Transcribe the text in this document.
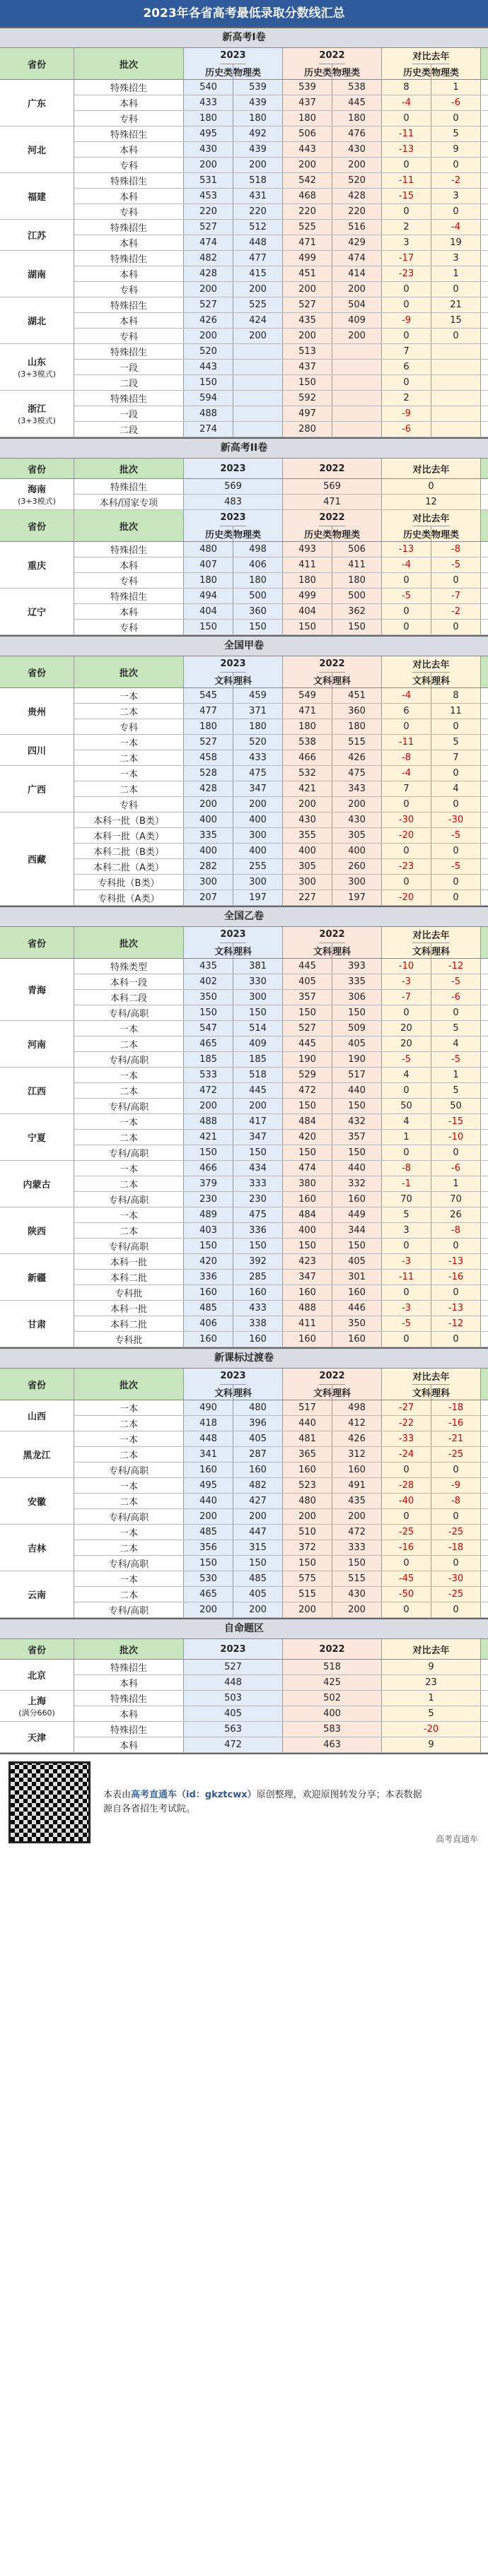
2023年各省高考最低录取分数线汇总
新高考I卷
省份	批次
2023
历史类 物理类
2022
历史类 物理类
对比去年
历史类 物理类
广东
特殊招生	540	539	539	538	8	1
本科	433	439	437	445	-4	-6
专科	180	180	180	180	0	0
河北
特殊招生	495	492	506	476	-11	5
本科	430	439	443	430	-13	9
专科	200	200	200	200	0	0
福建
特殊招生	531	518	542	520	-11	-2
本科	453	431	468	428	-15	3
专科	220	220	220	220	0	0
江苏
特殊招生	527	512	525	516	2	-4
本科	474	448	471	429	3	19
湖南
特殊招生	482	477	499	474	-17	3
本科	428	415	451	414	-23	1
专科	200	200	200	200	0	0
湖北
特殊招生	527	525	527	504	0	21
本科	426	424	435	409	-9	15
专科	200	200	200	200	0	0
山东
(3+3模式)
特殊招生	520	513	7
一段	443	437	6
二段	150	150	0
浙江
(3+3模式)
特殊招生	594	592	2
一段	488	497	-9
二段	274	280	-6
新高考II卷
省份	批次	2023	2022	对比去年
海南
(3+3模式)
特殊招生	569	569	0
本科/国家专项	483	471	12
省份	批次
2023
历史类 物理类
2022
历史类 物理类
对比去年
历史类 物理类
重庆
特殊招生	480	498	493	506	-13	-8
本科	407	406	411	411	-4	-5
专科	180	180	180	180	0	0
辽宁
特殊招生	494	500	499	500	-5	-7
本科	404	360	404	362	0	-2
专科	150	150	150	150	0	0
全国甲卷
省份	批次
2023
文科 理科
2022
文科 理科
对比去年
文科 理科
贵州
一本	545	459	549	451	-4	8
二本	477	371	471	360	6	11
专科	180	180	180	180	0	0
四川
一本	527	520	538	515	-11	5
二本	458	433	466	426	-8	7
广西
一本	528	475	532	475	-4	0
二本	428	347	421	343	7	4
专科	200	200	200	200	0	0
西藏
本科一批（B类）	400	400	430	430	-30	-30
本科一批（A类）	335	300	355	305	-20	-5
本科二批（B类）	400	400	400	400	0	0
本科二批（A类）	282	255	305	260	-23	-5
专科批（B类）	300	300	300	300	0	0
专科批（A类）	207	197	227	197	-20	0
全国乙卷
省份	批次
2023
文科 理科
2022
文科 理科
对比去年
文科 理科
青海
特殊类型	435	381	445	393	-10	-12
本科一段	402	330	405	335	-3	-5
本科二段	350	300	357	306	-7	-6
专科/高职	150	150	150	150	0	0
河南
一本	547	514	527	509	20	5
二本	465	409	445	405	20	4
专科/高职	185	185	190	190	-5	-5
江西
一本	533	518	529	517	4	1
二本	472	445	472	440	0	5
专科/高职	200	200	150	150	50	50
宁夏
一本	488	417	484	432	4	-15
二本	421	347	420	357	1	-10
专科/高职	150	150	150	150	0	0
内蒙古
一本	466	434	474	440	-8	-6
二本	379	333	380	332	-1	1
专科/高职	230	230	160	160	70	70
陕西
一本	489	475	484	449	5	26
二本	403	336	400	344	3	-8
专科/高职	150	150	150	150	0	0
新疆
本科一批	420	392	423	405	-3	-13
本科二批	336	285	347	301	-11	-16
专科批	160	160	160	160	0	0
甘肃
本科一批	485	433	488	446	-3	-13
本科二批	406	338	411	350	-5	-12
专科批	160	160	160	160	0	0
新课标过渡卷
省份	批次
2023
文科 理科
2022
文科 理科
对比去年
文科 理科
山西
一本	490	480	517	498	-27	-18
二本	418	396	440	412	-22	-16
黑龙江
一本	448	405	481	426	-33	-21
二本	341	287	365	312	-24	-25
专科/高职	160	160	160	160	0	0
安徽
一本	495	482	523	491	-28	-9
二本	440	427	480	435	-40	-8
专科/高职	200	200	200	200	0	0
吉林
一本	485	447	510	472	-25	-25
二本	356	315	372	333	-16	-18
专科/高职	150	150	150	150	0	0
云南
一本	530	485	575	515	-45	-30
二本	465	405	515	430	-50	-25
专科/高职	200	200	200	200	0	0
自命题区
省份	批次	2023	2022	对比去年
北京
特殊招生	527	518	9
本科	448	425	23
上海
(满分660)
特殊招生	503	502	1
本科	405	400	5
天津
特殊招生	563	583	-20
本科	472	463	9
本表由高考直通车（id：gkztcwx）原创整理，欢迎原图转发分享；本表数据
源自各省招生考试院。
高考直通车
